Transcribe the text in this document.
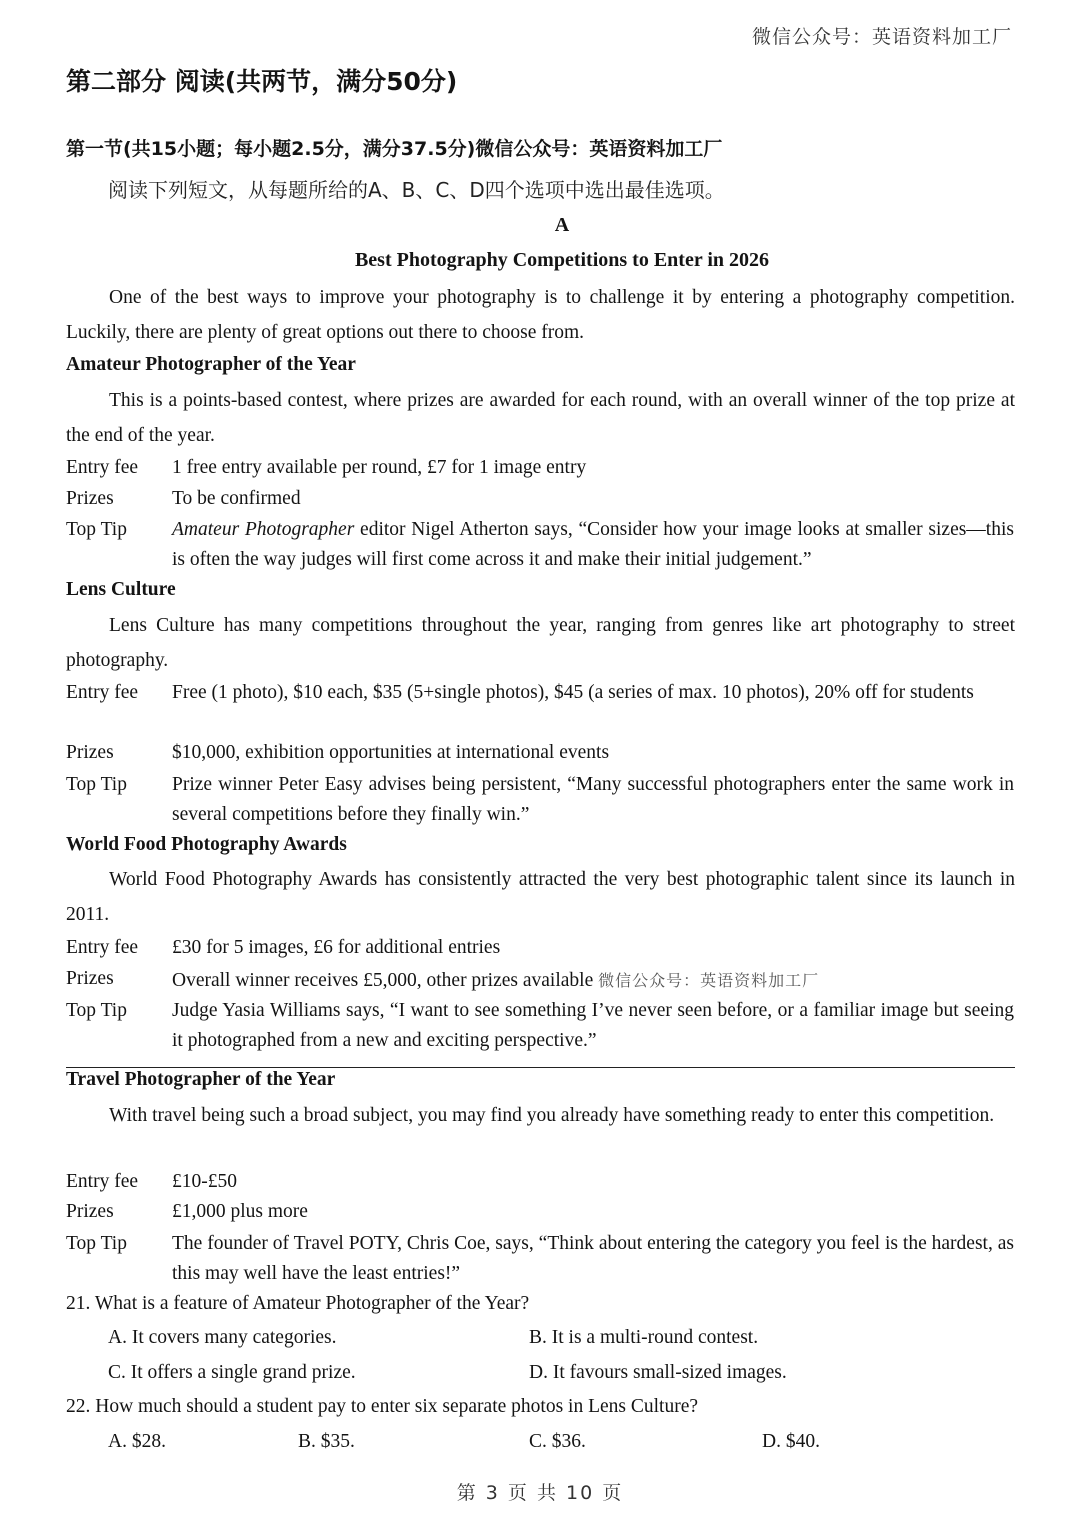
微信公众号：英语资料加工厂
第二部分 阅读(共两节，满分50分)
第一节(共15小题；每小题2.5分，满分37.5分)微信公众号：英语资料加工厂
阅读下列短文，从每题所给的A、B、C、D四个选项中选出最佳选项。
A
Best Photography Competitions to Enter in 2026

One of the best ways to improve your photography is to challenge it by entering a photography competition. Luckily, there are plenty of great options out there to choose from.

Amateur Photographer of the Year

This is a points-based contest, where prizes are awarded for each round, with an overall winner of the top prize at the end of the year.

Entry fee 1 free entry available per round, £7 for 1 image entry
Prizes	To be confirmed
Top Tip Amateur Photographer editor Nigel Atherton says, “Consider how your image looks at smaller sizes—this is often the way judges will first come across it and make their initial judgement.”

Lens Culture

Lens Culture has many competitions throughout the year, ranging from genres like art photography to street photography.

Entry fee Free (1 photo), $10 each, $35 (5+single photos), $45 (a series of max. 10 photos), 20% off for students

Prizes	$10,000, exhibition opportunities at international events
Top Tip Prize winner Peter Easy advises being persistent, “Many successful photographers enter the same work in several competitions before they finally win.”

World Food Photography Awards

World Food Photography Awards has consistently attracted the very best photographic talent since its launch in 2011.

Entry fee £30 for 5 images, £6 for additional entries
Prizes	Overall winner receives £5,000, other prizes available 微信公众号：英语资料加工厂
Top Tip Judge Yasia Williams says, “I want to see something I’ve never seen before, or a familiar image but seeing it photographed from a new and exciting perspective.”

Travel Photographer of the Year

With travel being such a broad subject, you may find you already have something ready to enter this competition.

Entry fee £10-£50
Prizes	£1,000 plus more
Top Tip The founder of Travel POTY, Chris Coe, says, “Think about entering the category you feel is the hardest, as this may well have the least entries!”

21. What is a feature of Amateur Photographer of the Year?
A. It covers many categories.	B. It is a multi-round contest.
C. It offers a single grand prize.	D. It favours small-sized images.
22. How much should a student pay to enter six separate photos in Lens Culture?
A. $28.	B. $35.	C. $36.	D. $40.
第 3 页 共 10 页
